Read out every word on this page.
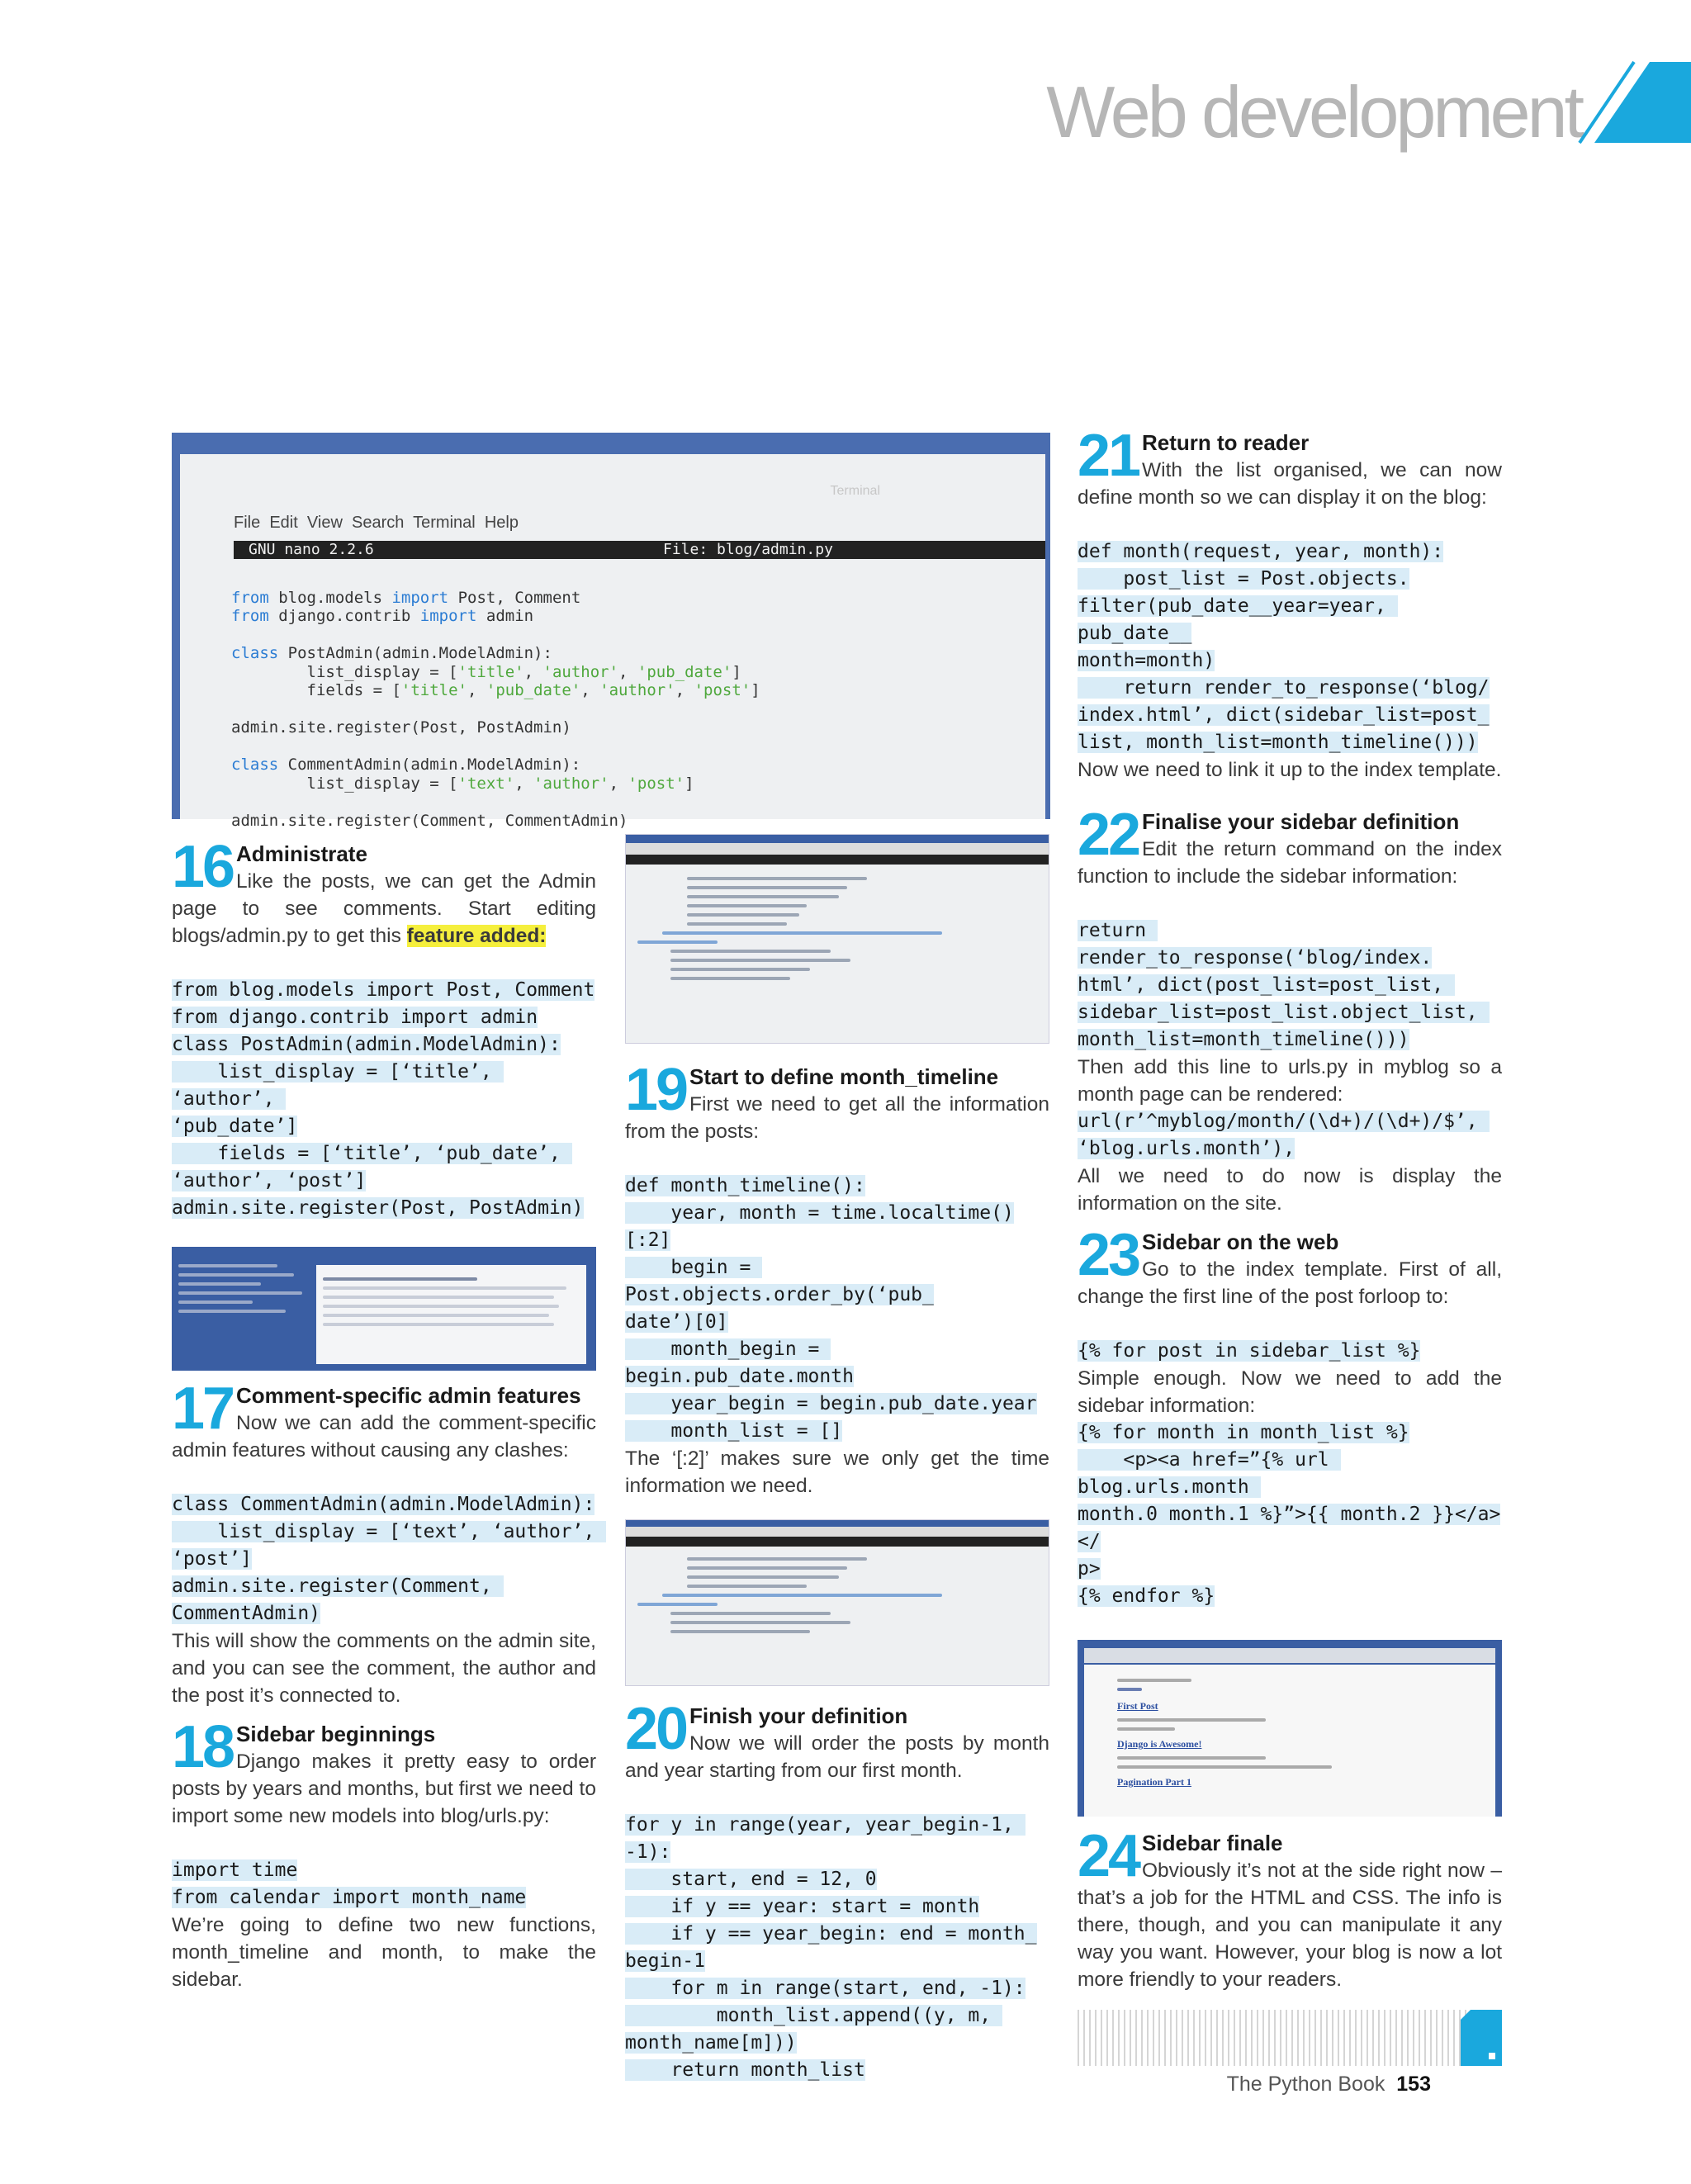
Web development
Terminal
File  Edit  View  Search  Terminal  Help
GNU nano 2.2.6	File: blog/admin.py

from blog.models import Post, Comment
from django.contrib import admin

class PostAdmin(admin.ModelAdmin):
list_display = ['title', 'author', 'pub_date']
fields = ['title', 'pub_date', 'author', 'post']

admin.site.register(Post, PostAdmin)

class CommentAdmin(admin.ModelAdmin):
list_display = ['text', 'author', 'post']

admin.site.register(Comment, CommentAdmin)
16 Administrate
Like the posts, we can get the Admin page to see comments. Start editing blogs/admin.py to get this feature added:
from blog.models import Post, Comment
from django.contrib import admin
class PostAdmin(admin.ModelAdmin):
list_display = [‘title’, ‘author’,
‘pub_date’]
fields = [‘title’, ‘pub_date’,
‘author’, ‘post’]
admin.site.register(Post, PostAdmin)
17 Comment-specific admin features
Now we can add the comment-specific admin features without causing any clashes:
class CommentAdmin(admin.ModelAdmin):
list_display = [‘text’, ‘author’,
‘post’]
admin.site.register(Comment,
CommentAdmin)
This will show the comments on the admin site, and you can see the comment, the author and the post it’s connected to.
18 Sidebar beginnings
Django makes it pretty easy to order posts by years and months, but first we need to import some new models into blog/urls.py:
import time
from calendar import month_name
We’re going to define two new functions, month_timeline and month, to make the sidebar.
19 Start to define month_timeline
First we need to get all the information from the posts:
def month_timeline():
year, month = time.localtime()[:2]
begin = Post.objects.order_by(‘pub_
date’)[0]
month_begin = begin.pub_date.month
year_begin = begin.pub_date.year
month_list = []
The ‘[:2]’ makes sure we only get the time information we need.
20 Finish your definition
Now we will order the posts by month and year starting from our first month.
for y in range(year, year_begin-1, -1):
start, end = 12, 0
if y == year: start = month
if y == year_begin: end = month_
begin-1
for m in range(start, end, -1):
month_list.append((y, m,
month_name[m]))
return month_list
21 Return to reader
With the list organised, we can now define month so we can display it on the blog:
def month(request, year, month):
post_list = Post.objects.
filter(pub_date__year=year, pub_date__
month=month)
return render_to_response(‘blog/
index.html’, dict(sidebar_list=post_
list, month_list=month_timeline()))
Now we need to link it up to the index template.
22 Finalise your sidebar definition
Edit the return command on the index function to include the sidebar information:
return render_to_response(‘blog/index.
html’, dict(post_list=post_list,
sidebar_list=post_list.object_list,
month_list=month_timeline()))
Then add this line to urls.py in myblog so a month page can be rendered:
url(r’^myblog/month/(\d+)/(\d+)/$’,
‘blog.urls.month’),
All we need to do now is display the information on the site.
23 Sidebar on the web
Go to the index template. First of all, change the first line of the post forloop to:
{% for post in sidebar_list %}
Simple enough. Now we need to add the sidebar information:
{% for month in month_list %}
<p><a href=”{% url blog.urls.month
month.0 month.1 %}”>{{ month.2 }}</a></
p>
{% endfor %}
First Post
Django is Awesome!
Pagination Part 1
24 Sidebar finale
Obviously it’s not at the side right now – that’s a job for the HTML and CSS. The info is there, though, and you can manipulate it any way you want. However, your blog is now a lot more friendly to your readers.
The Python Book 153
